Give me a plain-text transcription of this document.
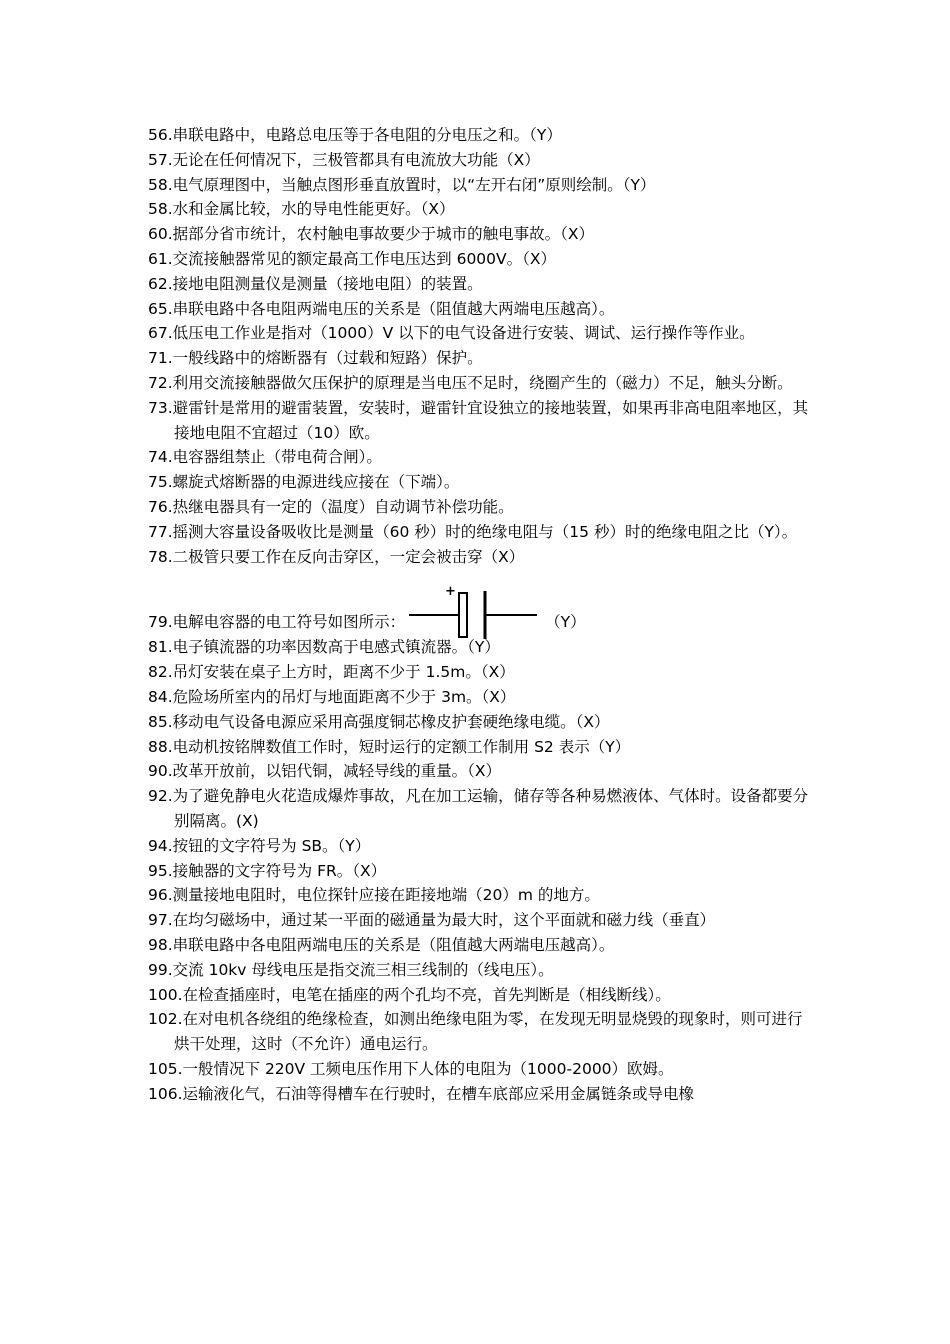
56.串联电路中，电路总电压等于各电阻的分电压之和。（Y）
57.无论在任何情况下，三极管都具有电流放大功能（X）
58.电气原理图中，当触点图形垂直放置时，以“左开右闭”原则绘制。（Y）
58.水和金属比较，水的导电性能更好。（X）
60.据部分省市统计，农村触电事故要少于城市的触电事故。（X）
61.交流接触器常见的额定最高工作电压达到 6000V。（X）
62.接地电阻测量仪是测量（接地电阻）的装置。
65.串联电路中各电阻两端电压的关系是（阻值越大两端电压越高）。
67.低压电工作业是指对（1000）V 以下的电气设备进行安装、调试、运行操作等作业。
71.一般线路中的熔断器有（过载和短路）保护。
72.利用交流接触器做欠压保护的原理是当电压不足时，绕圈产生的（磁力）不足，触头分断。
73.避雷针是常用的避雷装置，安装时，避雷针宜设独立的接地装置，如果再非高电阻率地区，其接地电阻不宜超过（10）欧。
74.电容器组禁止（带电荷合闸）。
75.螺旋式熔断器的电源进线应接在（下端）。
76.热继电器具有一定的（温度）自动调节补偿功能。
77.摇测大容量设备吸收比是测量（60 秒）时的绝缘电阻与（15 秒）时的绝缘电阻之比（Y）。
78.二极管只要工作在反向击穿区，一定会被击穿（X）
79.电解电容器的电工符号如图所示：
+
（Y）
81.电子镇流器的功率因数高于电感式镇流器。（Y）
82.吊灯安装在桌子上方时，距离不少于 1.5m。（X）
84.危险场所室内的吊灯与地面距离不少于 3m。（X）
85.移动电气设备电源应采用高强度铜芯橡皮护套硬绝缘电缆。（X）
88.电动机按铭牌数值工作时，短时运行的定额工作制用 S2 表示（Y）
90.改革开放前，以铝代铜，减轻导线的重量。（X）
92.为了避免静电火花造成爆炸事故，凡在加工运输，储存等各种易燃液体、气体时。设备都要分别隔离。(X)
94.按钮的文字符号为 SB。（Y）
95.接触器的文字符号为 FR。（X）
96.测量接地电阻时，电位探针应接在距接地端（20）m 的地方。
97.在均匀磁场中，通过某一平面的磁通量为最大时，这个平面就和磁力线（垂直）
98.串联电路中各电阻两端电压的关系是（阻值越大两端电压越高）。
99.交流 10kv 母线电压是指交流三相三线制的（线电压）。
100.在检查插座时，电笔在插座的两个孔均不亮，首先判断是（相线断线）。
102.在对电机各绕组的绝缘检查，如测出绝缘电阻为零，在发现无明显烧毁的现象时，则可进行烘干处理，这时（不允许）通电运行。
105.一般情况下 220V 工频电压作用下人体的电阻为（1000-2000）欧姆。
106.运输液化气，石油等得槽车在行驶时，在槽车底部应采用金属链条或导电橡
